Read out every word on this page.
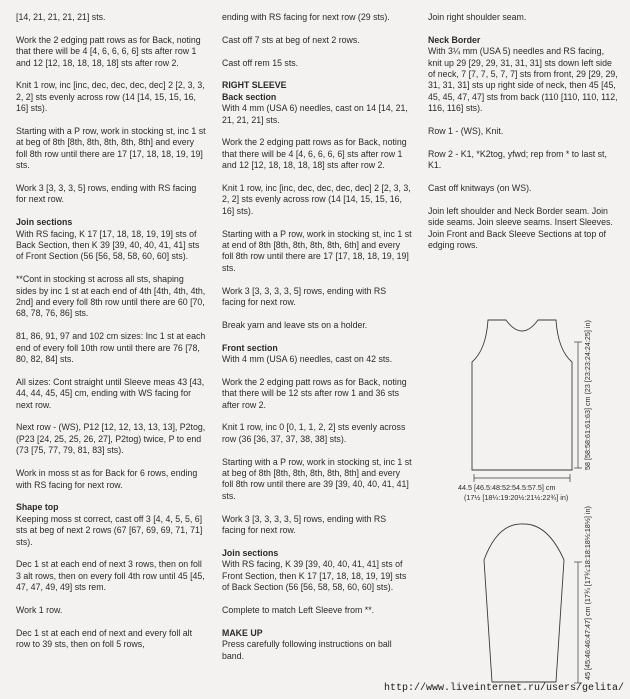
[14, 21, 21, 21, 21] sts.
Work the 2 edging patt rows as for Back, noting that there will be 4 [4, 6, 6, 6, 6] sts after row 1 and 12 [12, 18, 18, 18, 18] sts after row 2.
Knit 1 row, inc [inc, dec, dec, dec, dec] 2 [2, 3, 3, 2, 2] sts evenly across row (14 [14, 15, 15, 16, 16] sts).
Starting with a P row, work in stocking st, inc 1 st at beg of 8th [8th, 8th, 8th, 8th, 8th] and every foll 8th row until there are 17 [17, 18, 18, 19, 19] sts.
Work 3 [3, 3, 3, 5] rows, ending with RS facing for next row.
Join sections
With RS facing, K 17 [17, 18, 18, 19, 19] sts of Back Section, then K 39 [39, 40, 40, 41, 41] sts of Front Section (56 [56, 58, 58, 60, 60] sts).
**Cont in stocking st across all sts, shaping sides by inc 1 st at each end of 4th [4th, 4th, 4th, 2nd] and every foll 8th row until there are 60 [70, 68, 78, 76, 86] sts.
81, 86, 91, 97 and 102 cm sizes: Inc 1 st at each end of every foll 10th row until there are 76 [78, 80, 82, 84] sts.
All sizes: Cont straight until Sleeve meas 43 [43, 44, 44, 45, 45] cm, ending with WS facing for next row.
Next row - (WS), P12 [12, 12, 13, 13, 13], P2tog, (P23 [24, 25, 25, 26, 27], P2tog) twice, P to end (73 [75, 77, 79, 81, 83] sts).
Work in moss st as for Back for 6 rows, ending with RS facing for next row.
Shape top
Keeping moss st correct, cast off 3 [4, 4, 5, 5, 6] sts at beg of next 2 rows (67 [67, 69, 69, 71, 71] sts).
Dec 1 st at each end of next 3 rows, then on foll 3 alt rows, then on every foll 4th row until 45 [45, 47, 47, 49, 49] sts rem.
Work 1 row.
Dec 1 st at each end of next and every foll alt row to 39 sts, then on foll 5 rows,
ending with RS facing for next row (29 sts).
Cast off 7 sts at beg of next 2 rows.
Cast off rem 15 sts.
RIGHT SLEEVE
Back section
With 4 mm (USA 6) needles, cast on 14 [14, 21, 21, 21, 21] sts.
Work the 2 edging patt rows as for Back, noting that there will be 4 [4, 6, 6, 6, 6] sts after row 1 and 12 [12, 18, 18, 18, 18] sts after row 2.
Knit 1 row, inc [inc, dec, dec, dec, dec] 2 [2, 3, 3, 2, 2] sts evenly across row (14 [14, 15, 15, 16, 16] sts).
Starting with a P row, work in stocking st, inc 1 st at end of 8th [8th, 8th, 8th, 8th, 6th] and every foll 8th row until there are 17 [17, 18, 18, 19, 19] sts.
Work 3 [3, 3, 3, 3, 5] rows, ending with RS facing for next row.
Break yarn and leave sts on a holder.
Front section
With 4 mm (USA 6) needles, cast on 42 sts.
Work the 2 edging patt rows as for Back, noting that there will be 12 sts after row 1 and 36 sts after row 2.
Knit 1 row, inc 0 [0, 1, 1, 2, 2] sts evenly across row (36 [36, 37, 37, 38, 38] sts).
Starting with a P row, work in stocking st, inc 1 st at beg of 8th [8th, 8th, 8th, 8th, 8th] and every foll 8th row until there are 39 [39, 40, 40, 41, 41] sts.
Work 3 [3, 3, 3, 3, 5] rows, ending with RS facing for next row.
Join sections
With RS facing, K 39 [39, 40, 40, 41, 41] sts of Front Section, then K 17 [17, 18, 18, 19, 19] sts of Back Section (56 [56, 58, 58, 60, 60] sts).
Complete to match Left Sleeve from **.
MAKE UP
Press carefully following instructions on ball band.
Join right shoulder seam.
Neck Border
With 3¼ mm (USA 5) needles and RS facing, knit up 29 [29, 29, 31, 31, 31] sts down left side of neck, 7 [7, 7, 5, 7, 7] sts from front, 29 [29, 29, 31, 31, 31] sts up right side of neck, then 45 [45, 45, 45, 47, 47] sts from back (110 [110, 110, 112, 116, 116] sts).
Row 1 - (WS), Knit.
Row 2 - K1, *K2tog, yfwd; rep from * to last st, K1.
Cast off knitways (on WS).
Join left shoulder and Neck Border seam. Join side seams. Join sleeve seams. Insert Sleeves. Join Front and Back Sleeve Sections at top of edging rows.
58 [58:58:61:61:63] cm (23 [23:23:24:24:25] in)
44.5 [46.5:48:52:54.5:57.5] cm
(17½ [18¼:19:20½:21½:22¾] in)
45 [45:46:46:47:47] cm (17¾ [17¾:18:18:18½:18½] in)
http://www.liveinternet.ru/users/gelita/
